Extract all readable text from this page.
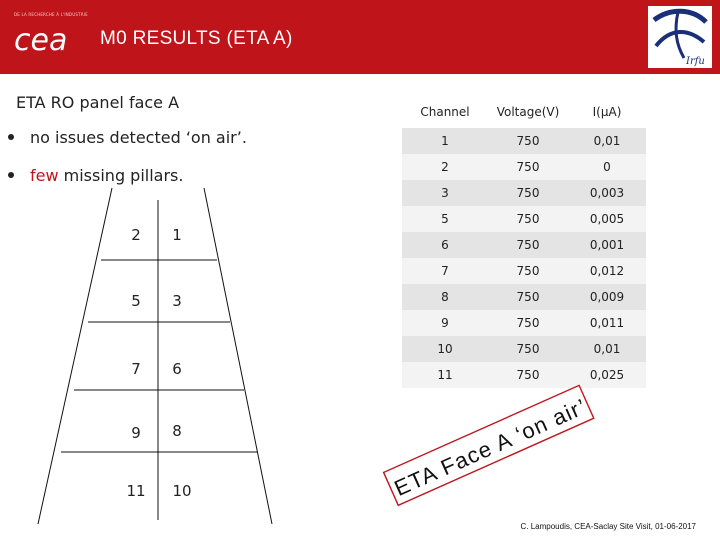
DE LA RECHERCHE À L'INDUSTRIE
cea M0 RESULTS (ETA A)
Irfu
ETA RO panel face A
no issues detected ‘on air’.
few missing pillars.
2	1
5	3
7	6
9	8
11	10
Channel	Voltage(V)	I(µA)
1	750	0,01
2	750	0
3	750	0,003
5	750	0,005
6	750	0,001
7	750	0,012
8	750	0,009
9	750	0,011
10	750	0,01
11	750	0,025
ETA Face A ‘on air’
C. Lampoudis, CEA-Saclay Site Visit, 01-06-2017
